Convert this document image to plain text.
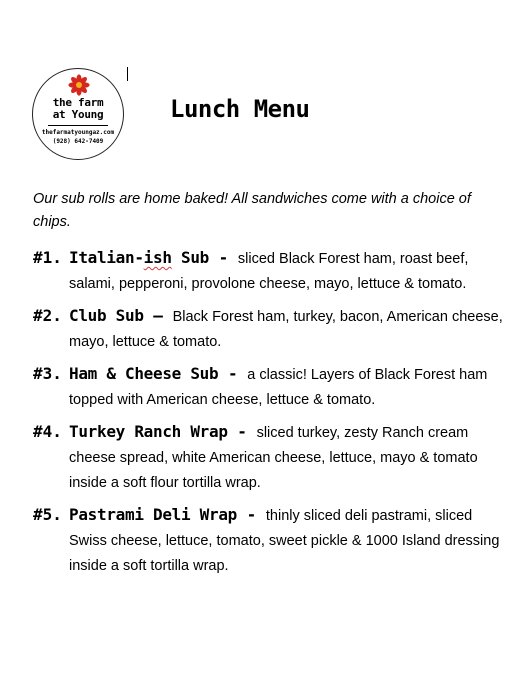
the farm
at Young
thefarmatyoungaz.com
(928) 642-7409
Lunch Menu

Our sub rolls are home baked! All sandwiches come with a choice of chips.

#1. Italian-ish Sub - sliced Black Forest ham, roast beef, salami, pepperoni, provolone cheese, mayo, lettuce & tomato.
#2. Club Sub – Black Forest ham, turkey, bacon, American cheese, mayo, lettuce & tomato.
#3. Ham & Cheese Sub - a classic! Layers of Black Forest ham topped with American cheese, lettuce & tomato.
#4. Turkey Ranch Wrap - sliced turkey, zesty Ranch cream cheese spread, white American cheese, lettuce, mayo & tomato inside a soft flour tortilla wrap.
#5. Pastrami Deli Wrap - thinly sliced deli pastrami, sliced Swiss cheese, lettuce, tomato, sweet pickle & 1000 Island dressing inside a soft tortilla wrap.
